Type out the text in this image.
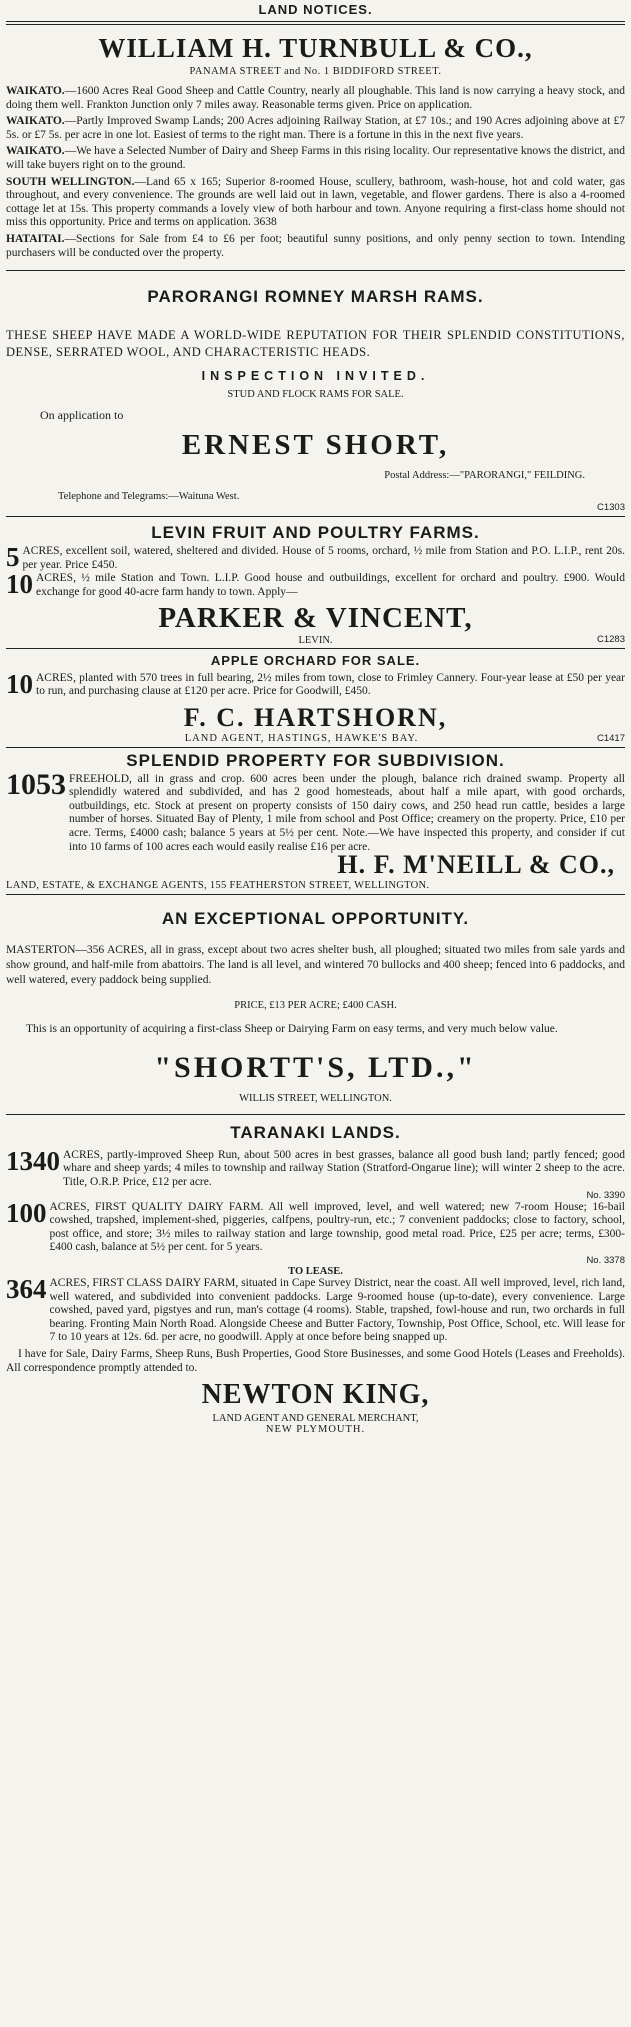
LAND NOTICES.
WILLIAM H. TURNBULL & CO.,
PANAMA STREET and No. 1 BIDDIFORD STREET.

WAIKATO.—1600 Acres Real Good Sheep and Cattle Country, nearly all ploughable. This land is now carrying a heavy stock, and doing them well. Frankton Junction only 7 miles away. Reasonable terms given. Price on application.

WAIKATO.—Partly Improved Swamp Lands; 200 Acres adjoining Railway Station, at £7 10s.; and 190 Acres adjoining above at £7 5s. or £7 5s. per acre in one lot. Easiest of terms to the right man. There is a fortune in this in the next five years.

WAIKATO.—We have a Selected Number of Dairy and Sheep Farms in this rising locality. Our representative knows the district, and will take buyers right on to the ground.

SOUTH WELLINGTON.—Land 65 x 165; Superior 8-roomed House, scullery, bathroom, wash-house, hot and cold water, gas throughout, and every convenience. The grounds are well laid out in lawn, vegetable, and flower gardens. There is also a 4-roomed cottage let at 15s. This property commands a lovely view of both harbour and town. Anyone requiring a first-class home should not miss this opportunity. Price and terms on application. 3638

HATAITAI.—Sections for Sale from £4 to £6 per foot; beautiful sunny positions, and only penny section to town. Intending purchasers will be conducted over the property.

PARORANGI ROMNEY MARSH RAMS.

THESE SHEEP HAVE MADE A WORLD-WIDE REPUTATION FOR THEIR SPLENDID CONSTITUTIONS, DENSE, SERRATED WOOL, AND CHARACTERISTIC HEADS.

INSPECTION INVITED.
STUD AND FLOCK RAMS FOR SALE.
On application to
ERNEST SHORT,
Postal Address:—"PARORANGI," FEILDING.
Telephone and Telegrams:—Waituna West.
C1303
LEVIN FRUIT AND POULTRY FARMS.
5 ACRES, excellent soil, watered, sheltered and divided. House of 5 rooms, orchard, ½ mile from Station and P.O. L.I.P., rent 20s. per year. Price £450.

10 ACRES, ½ mile Station and Town. L.I.P. Good house and outbuildings, excellent for orchard and poultry. £900. Would exchange for good 40-acre farm handy to town. Apply—

PARKER & VINCENT,
LEVIN.	C1283
APPLE ORCHARD FOR SALE.
10 ACRES, planted with 570 trees in full bearing, 2½ miles from town, close to Frimley Cannery. Four-year lease at £50 per year to run, and purchasing clause at £120 per acre. Price for Goodwill, £450.

F. C. HARTSHORN,
LAND AGENT, HASTINGS, HAWKE'S BAY.	C1417
SPLENDID PROPERTY FOR SUBDIVISION.
1053 FREEHOLD, all in grass and crop. 600 acres been under the plough, balance rich drained swamp. Property all splendidly watered and subdivided, and has 2 good homesteads, about half a mile apart, with good orchards, outbuildings, etc. Stock at present on property consists of 150 dairy cows, and 250 head run cattle, besides a large number of horses. Situated Bay of Plenty, 1 mile from school and Post Office; creamery on the property. Price, £10 per acre. Terms, £4000 cash; balance 5 years at 5½ per cent. Note.—We have inspected this property, and consider if cut into 10 farms of 100 acres each would easily realise £16 per acre.

H. F. M'NEILL & CO.,
LAND, ESTATE, & EXCHANGE AGENTS, 155 FEATHERSTON STREET, WELLINGTON.
AN EXCEPTIONAL OPPORTUNITY.

MASTERTON—356 ACRES, all in grass, except about two acres shelter bush, all ploughed; situated two miles from sale yards and show ground, and half-mile from abattoirs. The land is all level, and wintered 70 bullocks and 400 sheep; fenced into 6 paddocks, and well watered, every paddock being supplied.

PRICE, £13 PER ACRE; £400 CASH.

This is an opportunity of acquiring a first-class Sheep or Dairying Farm on easy terms, and very much below value.

"SHORTT'S, LTD.,"
WILLIS STREET, WELLINGTON.
TARANAKI LANDS.
1340 ACRES, partly-improved Sheep Run, about 500 acres in best grasses, balance all good bush land; partly fenced; good whare and sheep yards; 4 miles to township and railway Station (Stratford-Ongarue line); will winter 2 sheep to the acre. Title, O.R.P. Price, £12 per acre.

No. 3390
100 ACRES, FIRST QUALITY DAIRY FARM. All well improved, level, and well watered; new 7-room House; 16-bail cowshed, trapshed, implement-shed, piggeries, calfpens, poultry-run, etc.; 7 convenient paddocks; close to factory, school, post office, and store; 3½ miles to railway station and large township, good metal road. Price, £25 per acre; terms, £300-£400 cash, balance at 5½ per cent. for 5 years.

No. 3378
TO LEASE.
364 ACRES, FIRST CLASS DAIRY FARM, situated in Cape Survey District, near the coast. All well improved, level, rich land, well watered, and subdivided into convenient paddocks. Large 9-roomed house (up-to-date), every convenience. Large cowshed, paved yard, pigstyes and run, man's cottage (4 rooms). Stable, trapshed, fowl-house and run, two orchards in full bearing. Fronting Main North Road. Alongside Cheese and Butter Factory, Township, Post Office, School, etc. Will lease for 7 to 10 years at 12s. 6d. per acre, no goodwill. Apply at once before being snapped up.

I have for Sale, Dairy Farms, Sheep Runs, Bush Properties, Good Store Businesses, and some Good Hotels (Leases and Freeholds). All correspondence promptly attended to.

NEWTON KING,
LAND AGENT AND GENERAL MERCHANT,
NEW PLYMOUTH.
